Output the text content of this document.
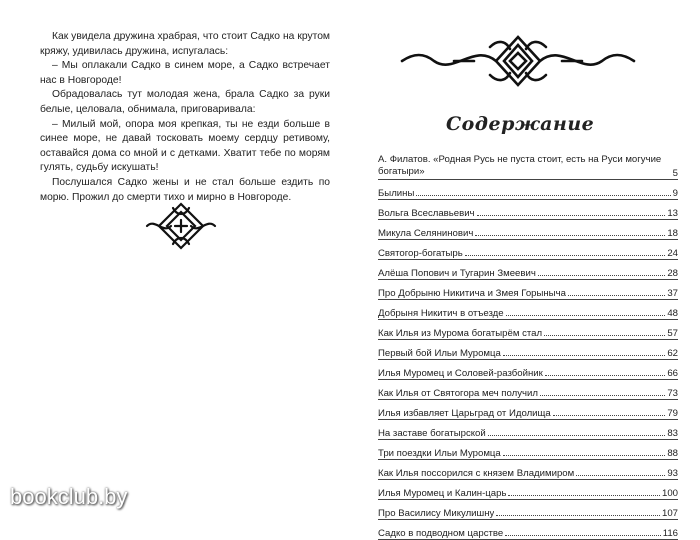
Как увидела дружина храбрая, что стоит Садко на крутом кряжу, удивилась дружина, испугалась:

– Мы оплакали Садко в синем море, а Садко встречает нас в Новгороде!

Обрадовалась тут молодая жена, брала Садко за руки белые, целовала, обнимала, приговаривала:

– Милый мой, опора моя крепкая, ты не езди больше в синее море, не давай тосковать моему сердцу ретивому, оставайся дома со мной и с детками. Хватит тебе по морям гулять, судьбу искушать!

Послушался Садко жены и не стал больше ездить по морю. Прожил до смерти тихо и мирно в Новгороде.

Содержание
А. Филатов. «Родная Русь не пуста стоит, есть на Руси могучие богатыри»	5
Былины	9
Вольга Всеславьевич	13
Микула Селянинович	18
Святогор-богатырь	24
Алёша Попович и Тугарин Змеевич	28
Про Добрыню Никитича и Змея Горыныча	37
Добрыня Никитич в отъезде	48
Как Илья из Мурома богатырём стал	57
Первый бой Ильи Муромца	62
Илья Муромец и Соловей-разбойник	66
Как Илья от Святогора меч получил	73
Илья избавляет Царьград от Идолища	79
На заставе богатырской	83
Три поездки Ильи Муромца	88
Как Илья поссорился с князем Владимиром	93
Илья Муромец и Калин-царь	100
Про Василису Микулишну	107
Садко в подводном царстве	116
bookclub.by
